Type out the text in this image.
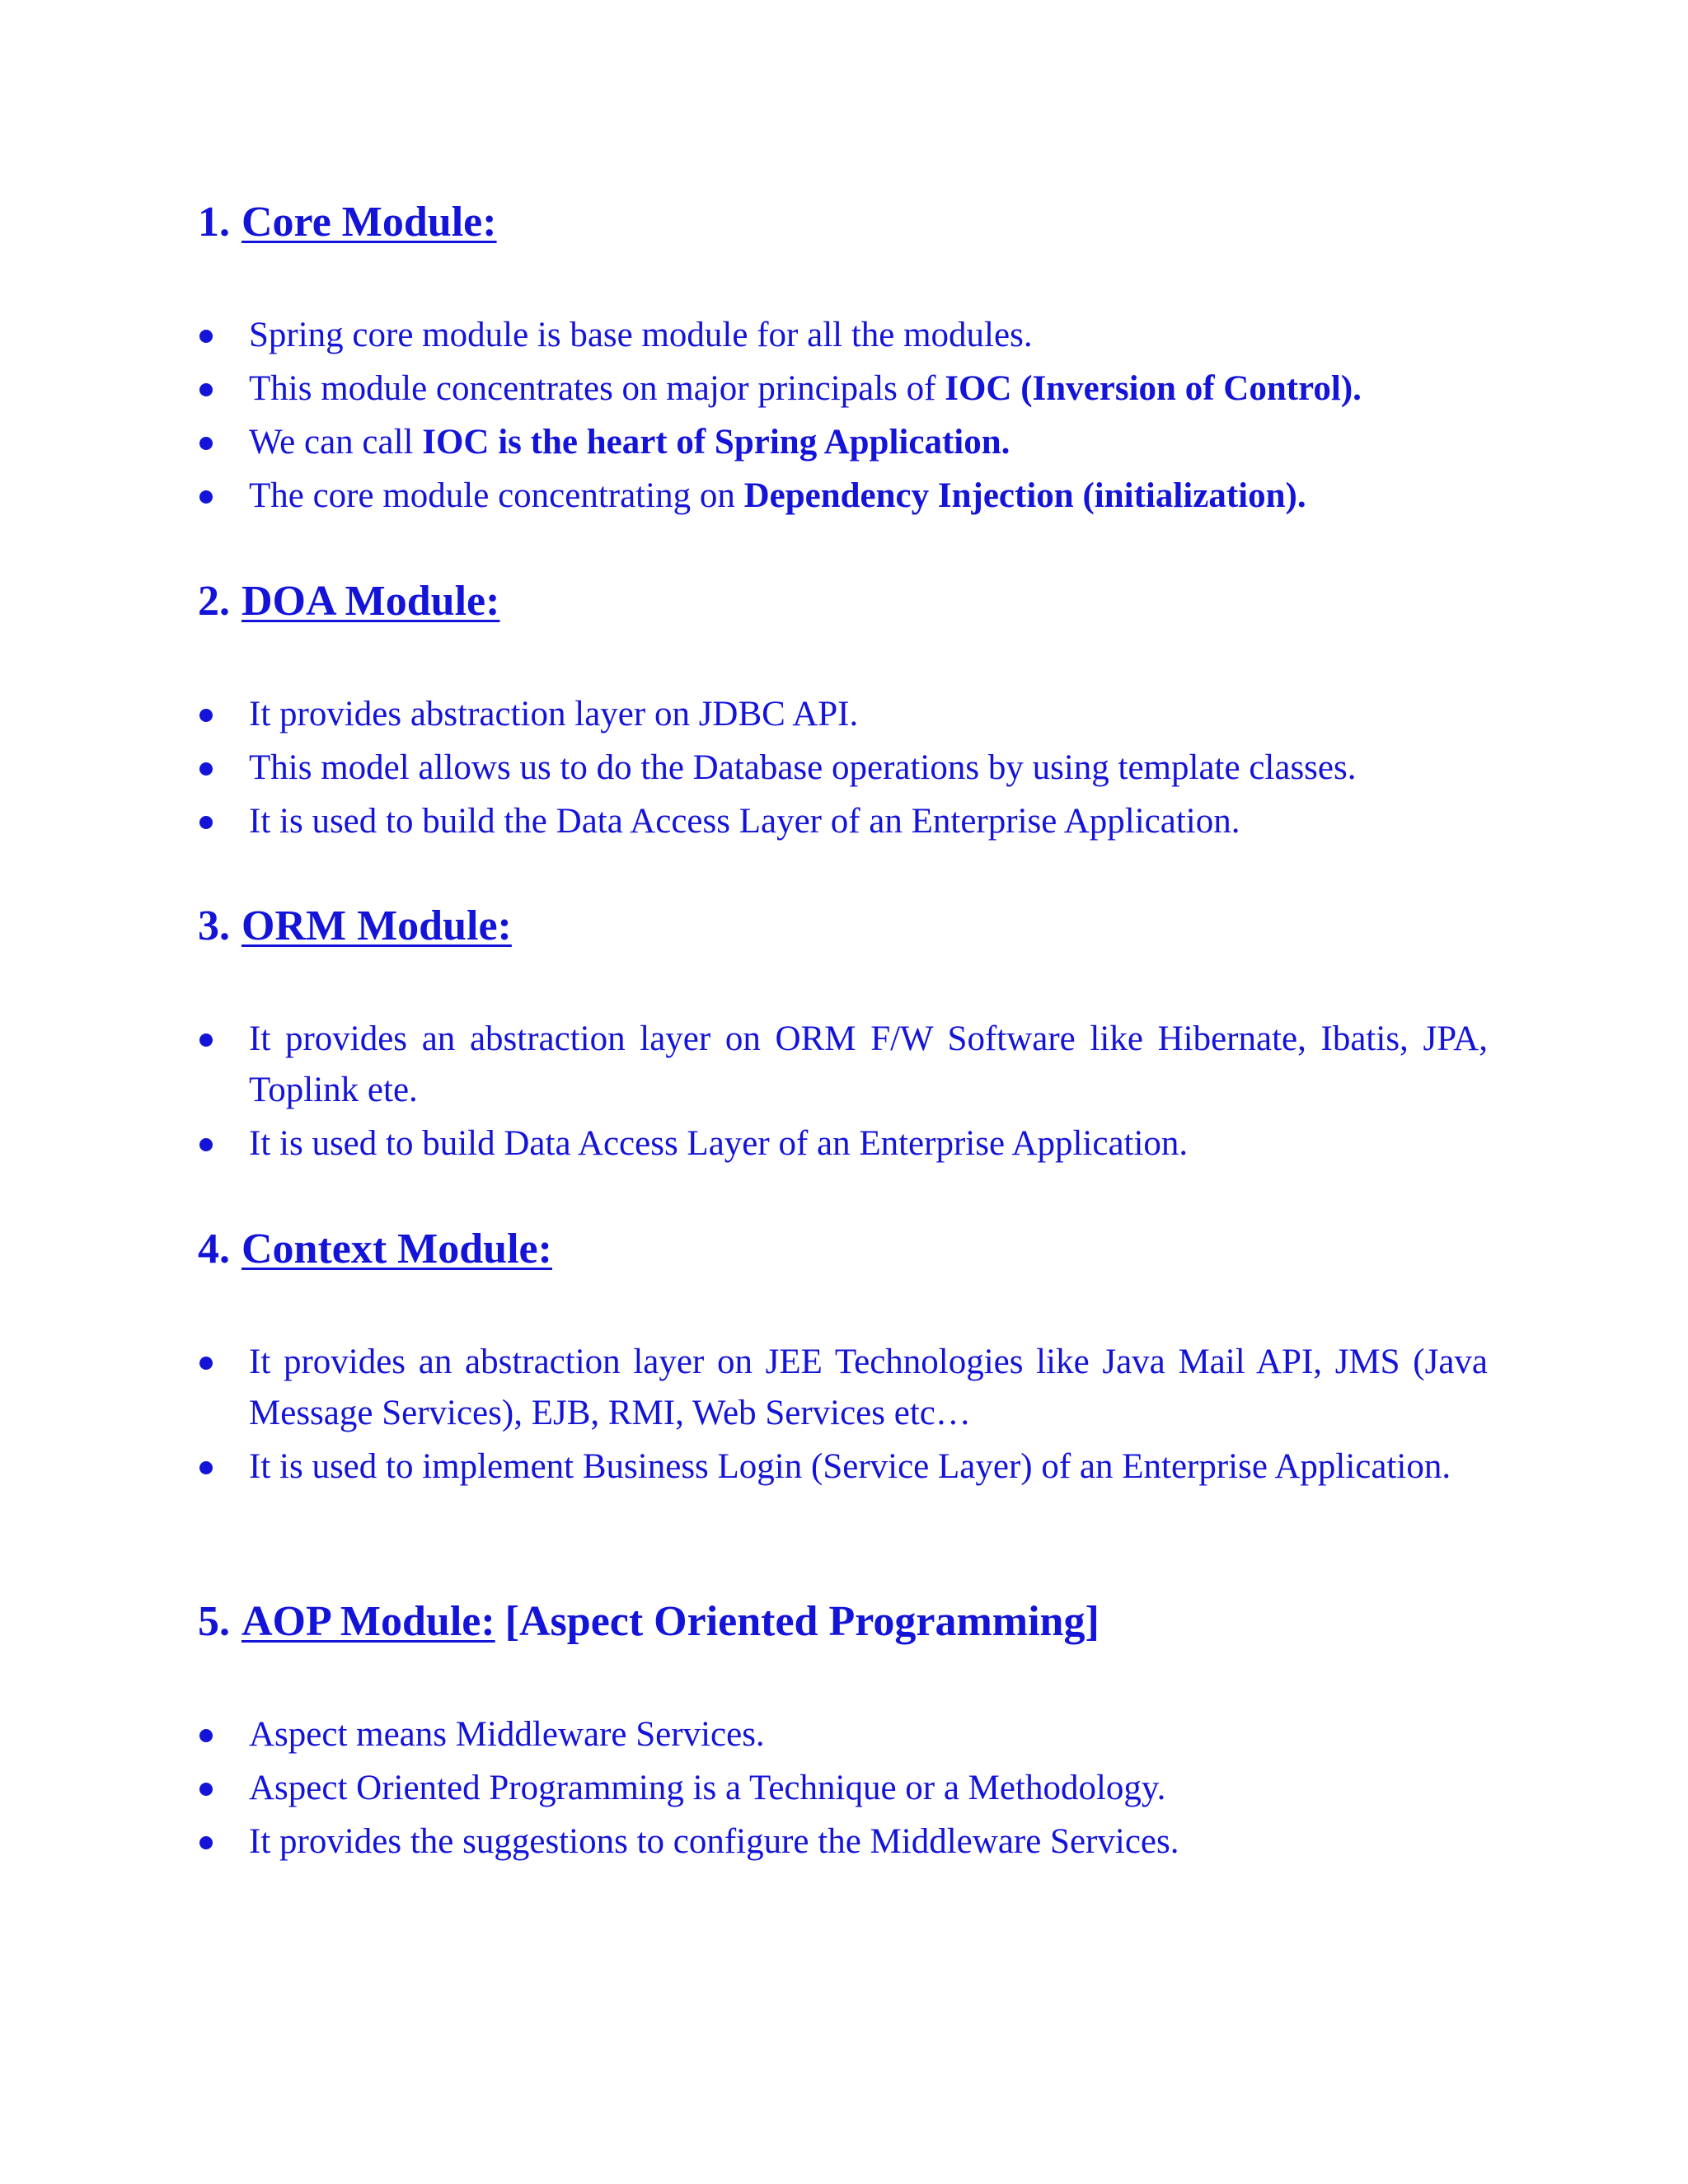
1. Core Module:
Spring core module is base module for all the modules.
This module concentrates on major principals of IOC (Inversion of Control).
We can call IOC is the heart of Spring Application.
The core module concentrating on Dependency Injection (initialization).
2. DOA Module:
It provides abstraction layer on JDBC API.
This model allows us to do the Database operations by using template classes.
It is used to build the Data Access Layer of an Enterprise Application.
3. ORM Module:
It provides an abstraction layer on ORM F/W Software like Hibernate, Ibatis, JPA, Toplink ete.
It is used to build Data Access Layer of an Enterprise Application.
4. Context Module:
It provides an abstraction layer on JEE Technologies like Java Mail API, JMS (Java Message Services), EJB, RMI, Web Services etc…
It is used to implement Business Login (Service Layer) of an Enterprise Application.
5. AOP Module: [Aspect Oriented Programming]
Aspect means Middleware Services.
Aspect Oriented Programming is a Technique or a Methodology.
It provides the suggestions to configure the Middleware Services.
